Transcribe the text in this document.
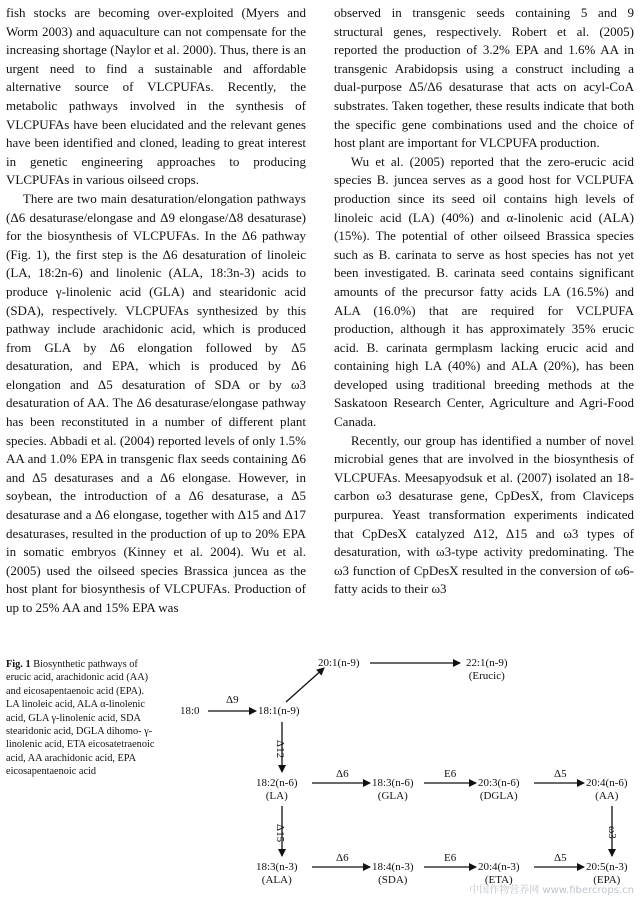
fish stocks are becoming over-exploited (Myers and Worm 2003) and aquaculture can not compensate for the increasing shortage (Naylor et al. 2000). Thus, there is an urgent need to find a sustainable and affordable alternative source of VLCPUFAs. Recently, the metabolic pathways involved in the synthesis of VLCPUFAs have been elucidated and the relevant genes have been identified and cloned, leading to great interest in genetic engineering approaches to producing VLCPUFAs in various oilseed crops.

There are two main desaturation/elongation pathways (Δ6 desaturase/elongase and Δ9 elongase/Δ8 desaturase) for the biosynthesis of VLCPUFAs. In the Δ6 pathway (Fig. 1), the first step is the Δ6 desaturation of linoleic (LA, 18:2n-6) and linolenic (ALA, 18:3n-3) acids to produce γ-linolenic acid (GLA) and stearidonic acid (SDA), respectively. VLCPUFAs synthesized by this pathway include arachidonic acid, which is produced from GLA by Δ6 elongation followed by Δ5 desaturation, and EPA, which is produced by Δ6 elongation and Δ5 desaturation of SDA or by ω3 desaturation of AA. The Δ6 desaturase/elongase pathway has been reconstituted in a number of different plant species. Abbadi et al. (2004) reported levels of only 1.5% AA and 1.0% EPA in transgenic flax seeds containing Δ6 and Δ5 desaturases and a Δ6 elongase. However, in soybean, the introduction of a Δ6 desaturase, a Δ5 desaturase and a Δ6 elongase, together with Δ15 and Δ17 desaturases, resulted in the production of up to 20% EPA in somatic embryos (Kinney et al. 2004). Wu et al. (2005) used the oilseed species Brassica juncea as the host plant for biosynthesis of VLCPUFAs. Production of up to 25% AA and 15% EPA was

observed in transgenic seeds containing 5 and 9 structural genes, respectively. Robert et al. (2005) reported the production of 3.2% EPA and 1.6% AA in transgenic Arabidopsis using a construct including a dual-purpose Δ5/Δ6 desaturase that acts on acyl-CoA substrates. Taken together, these results indicate that both the specific gene combinations used and the choice of host plant are important for VLCPUFA production.

Wu et al. (2005) reported that the zero-erucic acid species B. juncea serves as a good host for VCLPUFA production since its seed oil contains high levels of linoleic acid (LA) (40%) and α-linolenic acid (ALA) (15%). The potential of other oilseed Brassica species such as B. carinata to serve as host species has not yet been investigated. B. carinata seed contains significant amounts of the precursor fatty acids LA (16.5%) and ALA (16.0%) that are required for VCLPUFA production, although it has approximately 35% erucic acid. B. carinata germplasm lacking erucic acid and containing high LA (40%) and ALA (20%), has been developed using traditional breeding methods at the Saskatoon Research Center, Agriculture and Agri-Food Canada.

Recently, our group has identified a number of novel microbial genes that are involved in the biosynthesis of VLCPUFAs. Meesapyodsuk et al. (2007) isolated an 18-carbon ω3 desaturase gene, CpDesX, from Claviceps purpurea. Yeast transformation experiments indicated that CpDesX catalyzed Δ12, Δ15 and ω3 types of desaturation, with ω3-type activity predominating. The ω3 function of CpDesX resulted in the conversion of ω6-fatty acids to their ω3

Fig. 1 Biosynthetic pathways of erucic acid, arachidonic acid (AA) and eicosapentaenoic acid (EPA). LA linoleic acid, ALA α-linolenic acid, GLA γ-linolenic acid, SDA stearidonic acid, DGLA dihomo- γ-linolenic acid, ETA eicosatetraenoic acid, AA arachidonic acid, EPA eicosapentaenoic acid
18:0	18:1(n-9)
20:1(n-9)	22:1(n-9)
(Erucic)
18:2(n-6)
(LA)
18:3(n-6)
(GLA)
20:3(n-6)
(DGLA)
20:4(n-6)
(AA)
18:3(n-3)
(ALA)
18:4(n-3)
(SDA)
20:4(n-3)
(ETA)
20:5(n-3)
(EPA)
Δ9
Δ12
Δ15
Δ6	E6	Δ5
ω3
Δ6	E6	Δ5
中国作物营养网 www.fibercrops.cn
